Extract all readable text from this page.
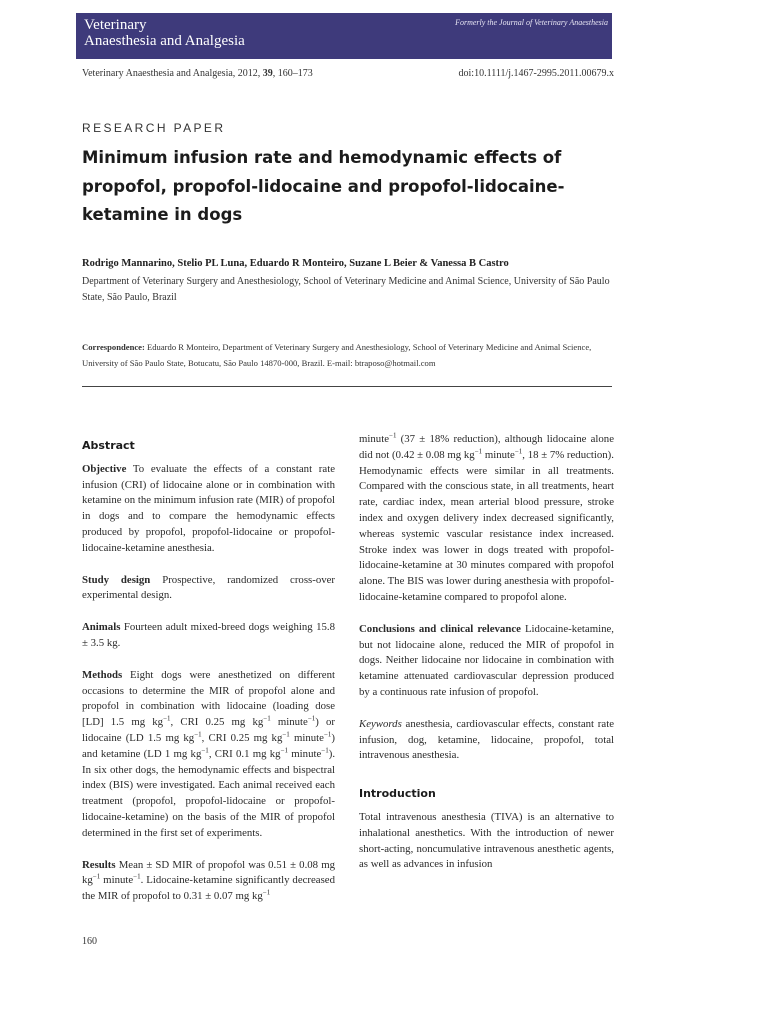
Veterinary
Anaesthesia and Analgesia
Formerly the Journal of Veterinary Anaesthesia
Veterinary Anaesthesia and Analgesia, 2012, 39, 160–173	doi:10.1111/j.1467-2995.2011.00679.x
RESEARCH PAPER
Minimum infusion rate and hemodynamic effects of propofol, propofol-lidocaine and propofol-lidocaine-ketamine in dogs
Rodrigo Mannarino, Stelio PL Luna, Eduardo R Monteiro, Suzane L Beier & Vanessa B Castro
Department of Veterinary Surgery and Anesthesiology, School of Veterinary Medicine and Animal Science, University of São Paulo State, São Paulo, Brazil
Correspondence: Eduardo R Monteiro, Department of Veterinary Surgery and Anesthesiology, School of Veterinary Medicine and Animal Science, University of São Paulo State, Botucatu, São Paulo 14870-000, Brazil. E-mail: btraposo@hotmail.com
Abstract

Objective To evaluate the effects of a constant rate infusion (CRI) of lidocaine alone or in combination with ketamine on the minimum infusion rate (MIR) of propofol in dogs and to compare the hemodynamic effects produced by propofol, propofol-lidocaine or propofol-lidocaine-ketamine anesthesia.

Study design Prospective, randomized cross-over experimental design.

Animals Fourteen adult mixed-breed dogs weighing 15.8 ± 3.5 kg.

Methods Eight dogs were anesthetized on different occasions to determine the MIR of propofol alone and propofol in combination with lidocaine (loading dose [LD] 1.5 mg $kg^{-1}$, CRI 0.25 mg $kg^{-1}$ minute$^{-1}$) or lidocaine (LD 1.5 mg $kg^{-1}$, CRI 0.25 mg $kg^{-1}$ minute$^{-1}$) and ketamine (LD 1 mg $kg^{-1}$, CRI 0.1 mg $kg^{-1}$ minute$^{-1}$). In six other dogs, the hemodynamic effects and bispectral index (BIS) were investigated. Each animal received each treatment (propofol, propofol-lidocaine or propofol-lidocaine-ketamine) on the basis of the MIR of propofol determined in the first set of experiments.

Results Mean ± SD MIR of propofol was 0.51 ± 0.08 mg $kg^{-1}$ minute$^{-1}$. Lidocaine-ketamine significantly decreased the MIR of propofol to 0.31 ± 0.07 mg $kg^{-1}$

minute$^{-1}$ (37 ± 18% reduction), although lidocaine alone did not (0.42 ± 0.08 mg $kg^{-1}$ minute$^{-1}$, 18 ± 7% reduction). Hemodynamic effects were similar in all treatments. Compared with the conscious state, in all treatments, heart rate, cardiac index, mean arterial blood pressure, stroke index and oxygen delivery index decreased significantly, whereas systemic vascular resistance index increased. Stroke index was lower in dogs treated with propofol-lidocaine-ketamine at 30 minutes compared with propofol alone. The BIS was lower during anesthesia with propofol-lidocaine-ketamine compared to propofol alone.

Conclusions and clinical relevance Lidocaine-ketamine, but not lidocaine alone, reduced the MIR of propofol in dogs. Neither lidocaine nor lidocaine in combination with ketamine attenuated cardiovascular depression produced by a continuous rate infusion of propofol.

Keywords anesthesia, cardiovascular effects, constant rate infusion, dog, ketamine, lidocaine, propofol, total intravenous anesthesia.

Introduction

Total intravenous anesthesia (TIVA) is an alternative to inhalational anesthetics. With the introduction of newer short-acting, noncumulative intravenous anesthetic agents, as well as advances in infusion

160
